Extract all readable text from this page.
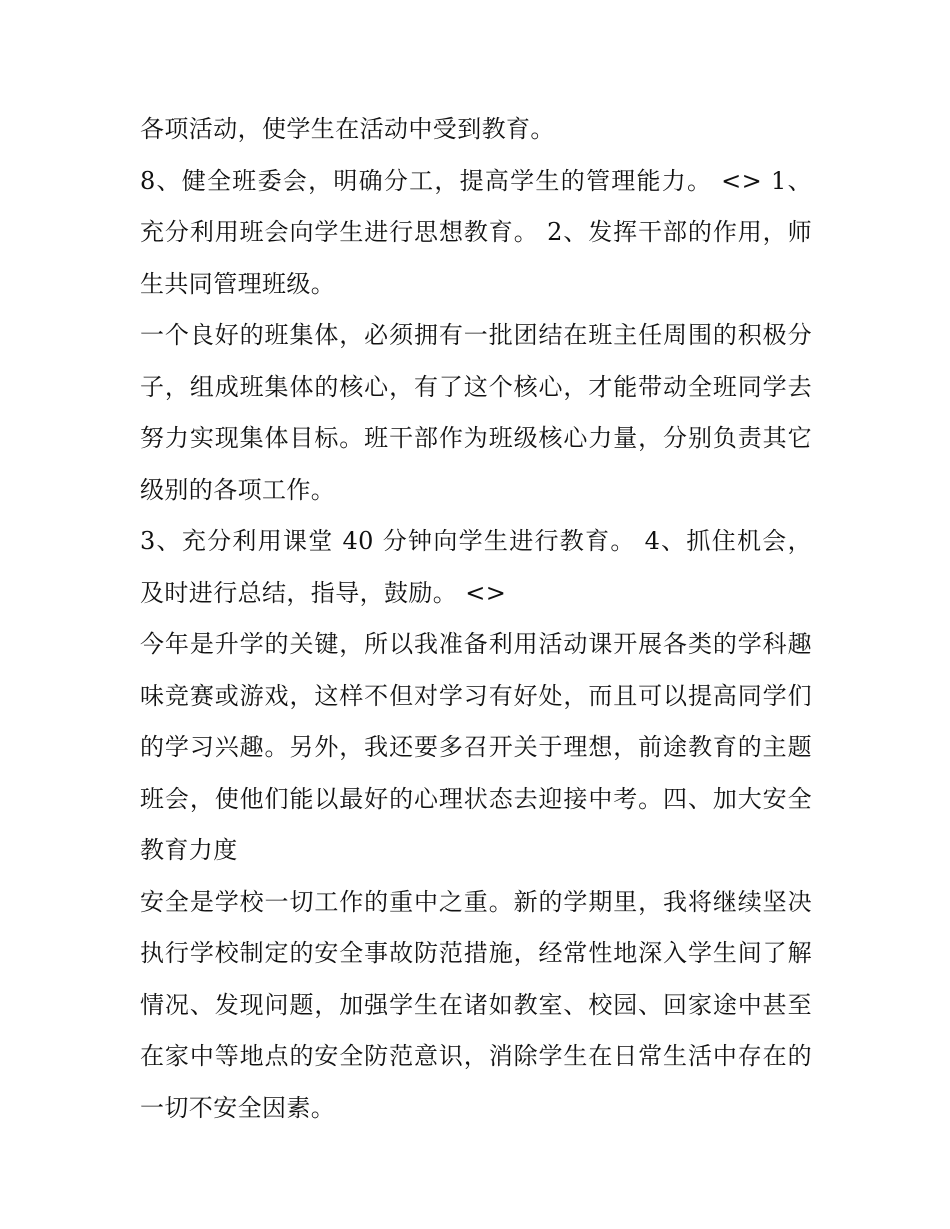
各项活动，使学生在活动中受到教育。

8、健全班委会，明确分工，提高学生的管理能力。 <> 1、充分利用班会向学生进行思想教育。 2、发挥干部的作用，师生共同管理班级。

一个良好的班集体，必须拥有一批团结在班主任周围的积极分子，组成班集体的核心，有了这个核心，才能带动全班同学去努力实现集体目标。班干部作为班级核心力量，分别负责其它级别的各项工作。

3、充分利用课堂 40 分钟向学生进行教育。 4、抓住机会，及时进行总结，指导，鼓励。 <>

今年是升学的关键，所以我准备利用活动课开展各类的学科趣味竞赛或游戏，这样不但对学习有好处，而且可以提高同学们的学习兴趣。另外，我还要多召开关于理想，前途教育的主题班会，使他们能以最好的心理状态去迎接中考。四、加大安全教育力度

安全是学校一切工作的重中之重。新的学期里，我将继续坚决执行学校制定的安全事故防范措施，经常性地深入学生间了解情况、发现问题，加强学生在诸如教室、校园、回家途中甚至在家中等地点的安全防范意识，消除学生在日常生活中存在的一切不安全因素。
